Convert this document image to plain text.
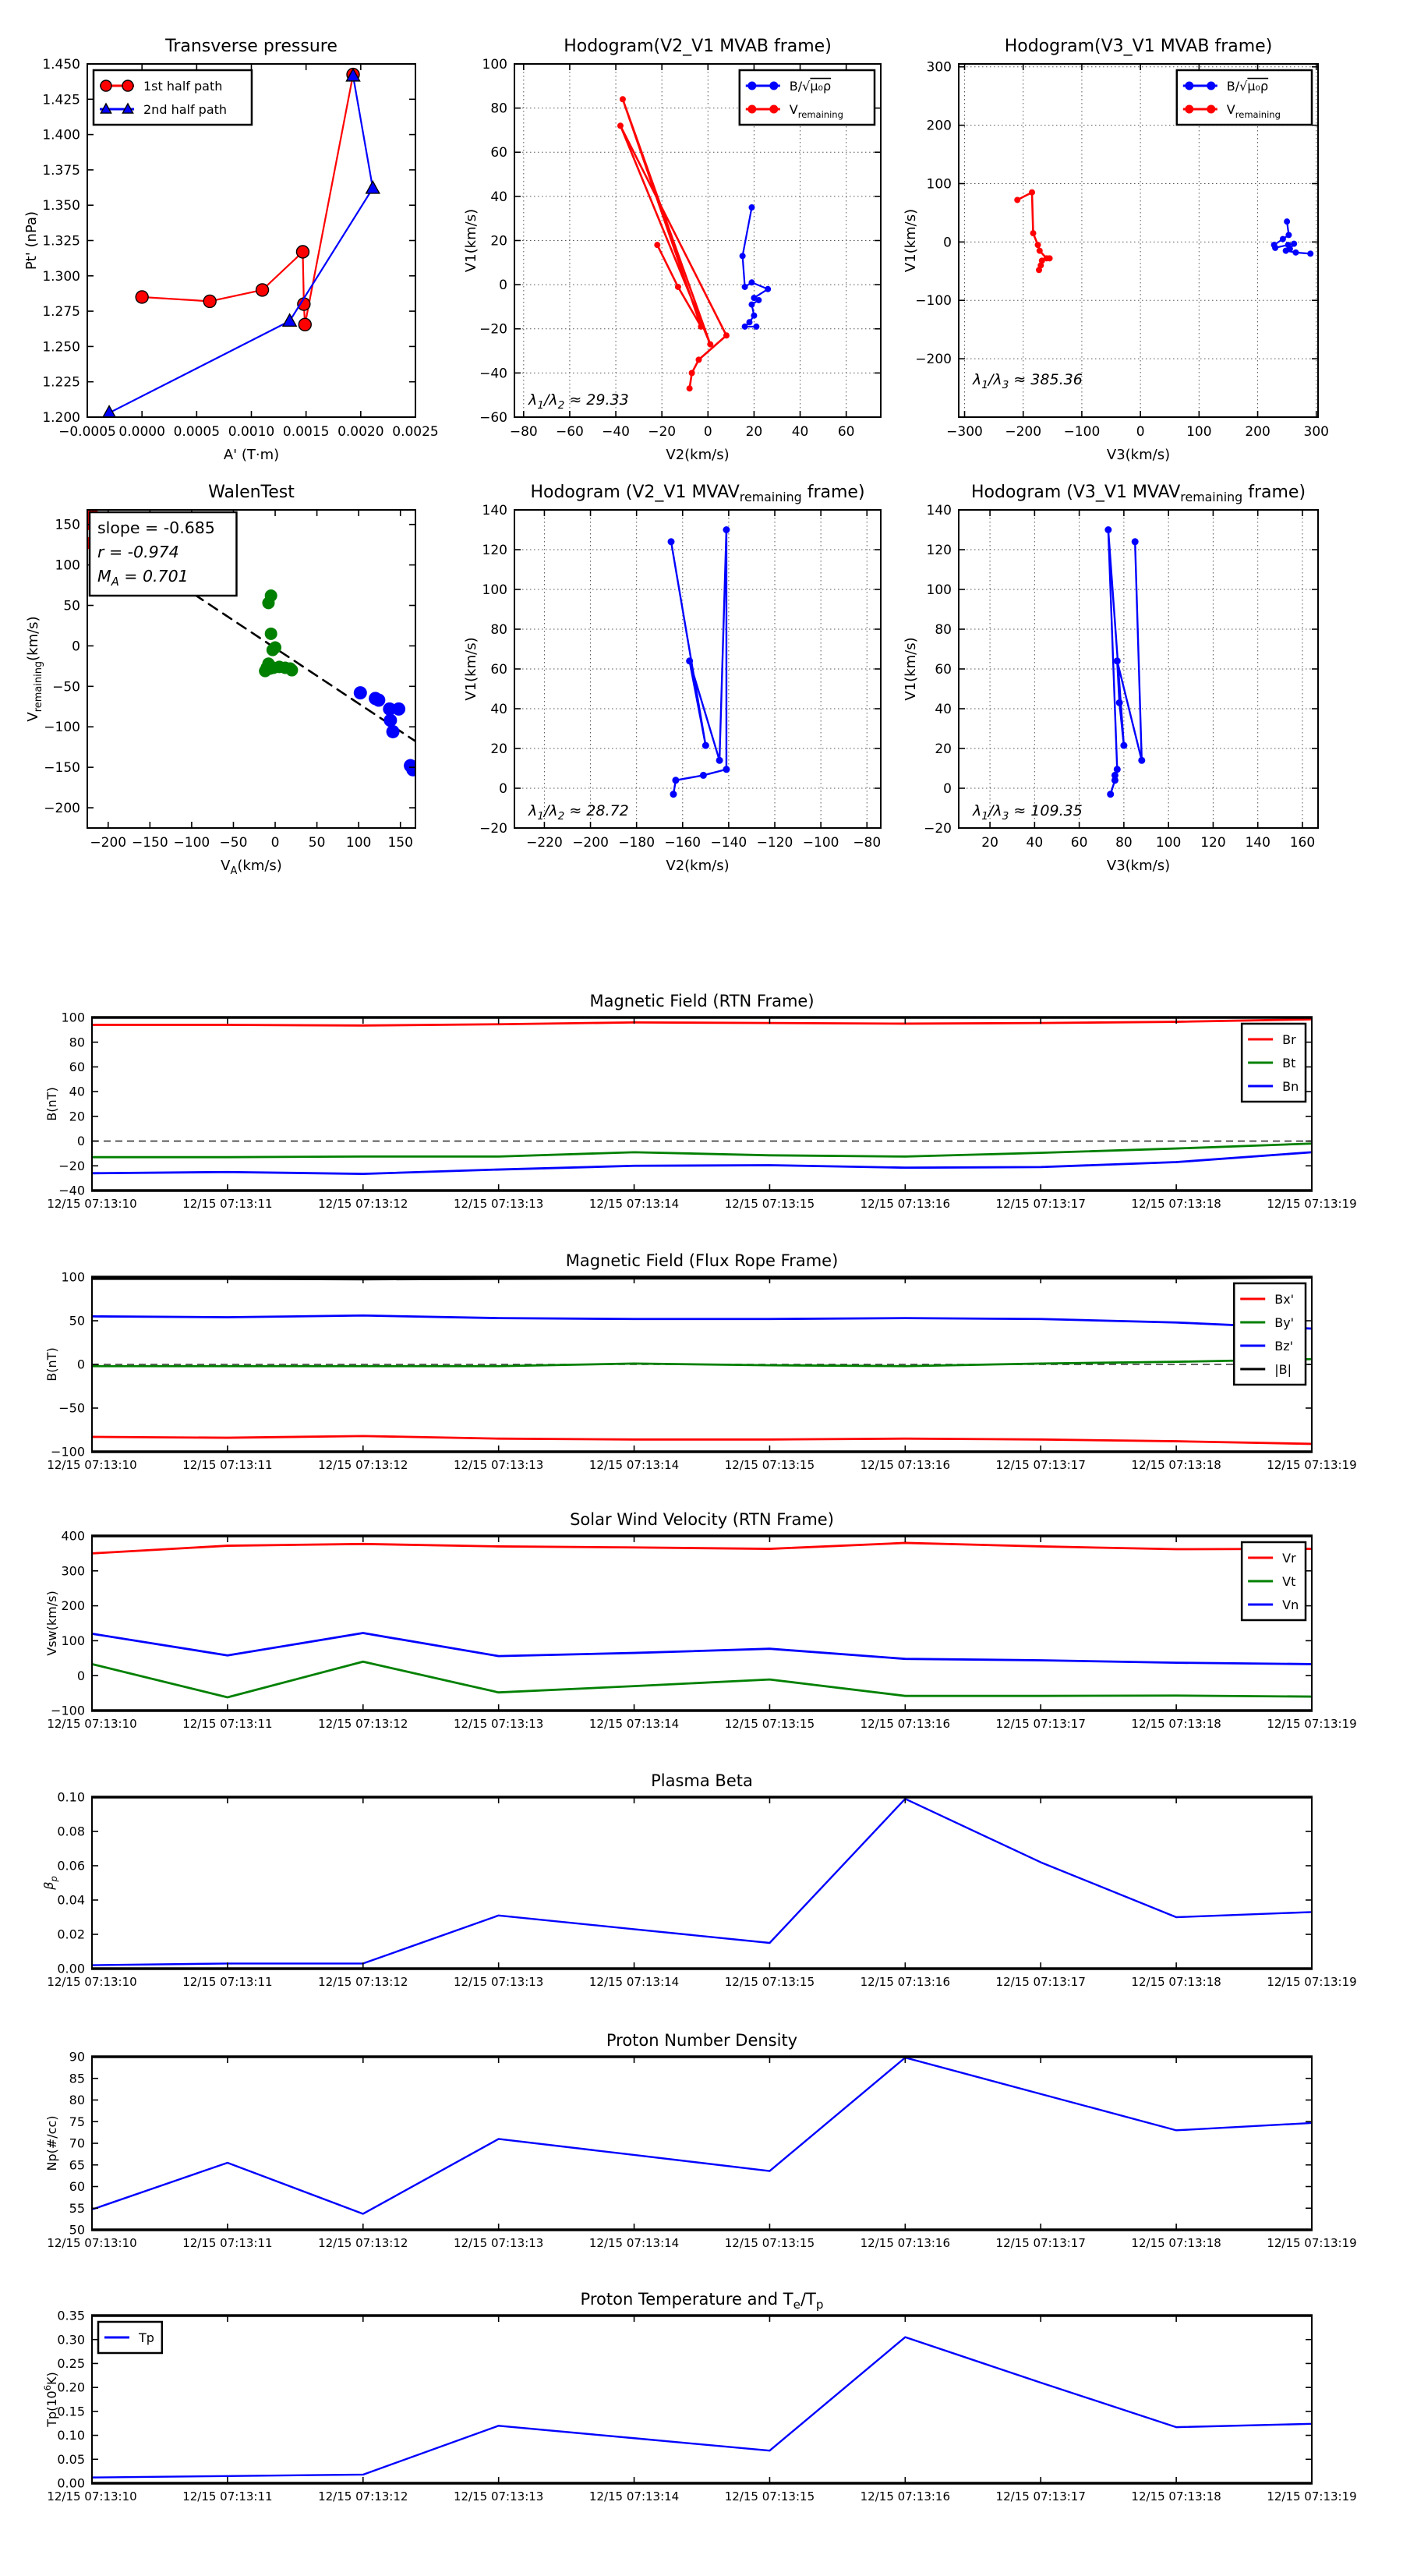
−0.0005 0.0000 0.0005 0.0010 0.0015 0.0020 0.0025
1.200
1.225
1.250
1.275
1.300
1.325
1.350
1.375
1.400
1.425
1.450
Transverse pressure
A' (T·m)
Pt' (nPa)
1st half path
2nd half path
−80 −60 −40 −20 0	20 40 60
−60
−40
−20
0
20
40
60
80
100
Hodogram(V2_V1 MVAB frame)
V2(km/s)
V1(km/s)
B/√μ₀ρ
$V_{remaining}$
$\lambda_1/\lambda_2 \approx 29.33$
−300 −200 −100	0	100	200	300
−200
−100
0
100
200
300
Hodogram(V3_V1 MVAB frame)
V3(km/s)
V1(km/s)
B/√μ₀ρ
$V_{remaining}$
$\lambda_1/\lambda_3 \approx 385.36$
−200 −150 −100 −50 0 50 100 150
−200
−150
−100
−50
0
50
100
150
WalenTest
$V_A(km/s)$
$V_{remaining}(km/s)$
slope = -0.685
r = -0.974
$M_A = 0.701$
−220 −200 −180 −160 −140 −120 −100 −80
−20
0
20
40
60
80
100
120
140
Hodogram (V2_V1 $MVAV_{remaining}$ frame)
V2(km/s)
V1(km/s)
$\lambda_1/\lambda_2 \approx 28.72$
20 40 60 80 100 120 140 160
−20
0
20
40
60
80
100
120
140
Hodogram (V3_V1 $MVAV_{remaining}$ frame)
V3(km/s)
V1(km/s)
$\lambda_1/\lambda_3 \approx 109.35$
12/15 07:13:10	12/15 07:13:11	12/15 07:13:12	12/15 07:13:13	12/15 07:13:14	12/15 07:13:15	12/15 07:13:16	12/15 07:13:17	12/15 07:13:18	12/15 07:13:19
−40
−20
0
20
40
60
80
100
Magnetic Field (RTN Frame)
B(nT)
Br
Bt
Bn
12/15 07:13:10	12/15 07:13:11	12/15 07:13:12	12/15 07:13:13	12/15 07:13:14	12/15 07:13:15	12/15 07:13:16	12/15 07:13:17	12/15 07:13:18	12/15 07:13:19
−100
−50
0
50
100
Magnetic Field (Flux Rope Frame)
B(nT)
Bx'
By'
Bz'
|B|
12/15 07:13:10	12/15 07:13:11	12/15 07:13:12	12/15 07:13:13	12/15 07:13:14	12/15 07:13:15	12/15 07:13:16	12/15 07:13:17	12/15 07:13:18	12/15 07:13:19
−100
0
100
200
300
400
Solar Wind Velocity (RTN Frame)
Vsw(km/s)
Vr
Vt
Vn
12/15 07:13:10	12/15 07:13:11	12/15 07:13:12	12/15 07:13:13	12/15 07:13:14	12/15 07:13:15	12/15 07:13:16	12/15 07:13:17	12/15 07:13:18	12/15 07:13:19
0.00
0.02
0.04
0.06
0.08
0.10
Plasma Beta
$\beta_p$
12/15 07:13:10	12/15 07:13:11	12/15 07:13:12	12/15 07:13:13	12/15 07:13:14	12/15 07:13:15	12/15 07:13:16	12/15 07:13:17	12/15 07:13:18	12/15 07:13:19
50
55
60
65
70
75
80
85
90
Proton Number Density
Np(#/cc)
12/15 07:13:10	12/15 07:13:11	12/15 07:13:12	12/15 07:13:13	12/15 07:13:14	12/15 07:13:15	12/15 07:13:16	12/15 07:13:17	12/15 07:13:18	12/15 07:13:19
0.00
0.05
0.10
0.15
0.20
0.25
0.30
0.35
Proton Temperature and $T_e/T_p$
$Tp(10^6K)$
Tp
